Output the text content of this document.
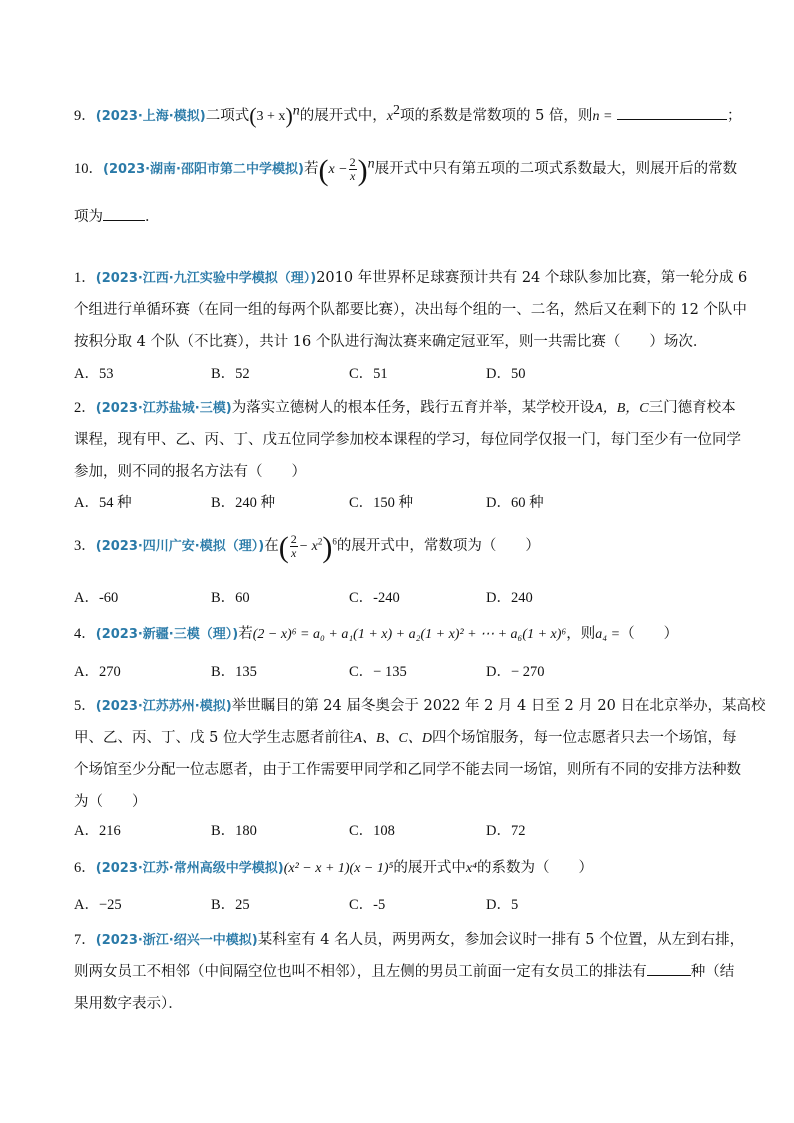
9．(2023·上海·模拟)二项式$(3 + x)^n$的展开式中，$x^2$项的系数是常数项的 5 倍，则n =	；
10．(2023·湖南·邵阳市第二中学模拟)若$(x - \frac{2}{x} )^n$展开式中只有第五项的二项式系数最大，则展开后的常数
项为	．
1．(2023·江西·九江实验中学模拟（理）)2010 年世界杯足球赛预计共有 24 个球队参加比赛，第一轮分成 6
个组进行单循环赛（在同一组的每两个队都要比赛），决出每个组的一、二名，然后又在剩下的 12 个队中
按积分取 4 个队（不比赛），共计 16 个队进行淘汰赛来确定冠亚军，则一共需比赛（　　）场次．
A．53	B．52	C．51	D．50
2．(2023·江苏盐城·三模)为落实立德树人的根本任务，践行五育并举，某学校开设A，B，C三门德育校本
课程，现有甲、乙、丙、丁、戊五位同学参加校本课程的学习，每位同学仅报一门，每门至少有一位同学
参加，则不同的报名方法有（　　）
A．54 种	B．240 种	C．150 种	D．60 种
3．(2023·四川广安·模拟（理）)在( $\frac{2}{x} - x^2)^6$的展开式中，常数项为（　　）
A．-60	B．60	C．-240	D．240
4．(2023·新疆·三模（理）)若(2 − x)⁶ = a₀ + a₁(1 + x) + a₂(1 + x)² + ⋯ + a₆(1 + x)⁶，则a₄ =（　　）
A．270	B．135	C．− 135	D．− 270
5．(2023·江苏苏州·模拟)举世瞩目的第 24 届冬奥会于 2022 年 2 月 4 日至 2 月 20 日在北京举办，某高校
甲、乙、丙、丁、戊 5 位大学生志愿者前往A、B、C、D四个场馆服务，每一位志愿者只去一个场馆，每
个场馆至少分配一位志愿者，由于工作需要甲同学和乙同学不能去同一场馆，则所有不同的安排方法种数
为（　　）
A．216	B．180	C．108	D．72
6．(2023·江苏·常州高级中学模拟)(x² − x + 1)(x − 1)⁵的展开式中x⁴的系数为（　　）
A．−25	B．25	C．-5	D．5
7．(2023·浙江·绍兴一中模拟)某科室有 4 名人员，两男两女，参加会议时一排有 5 个位置，从左到右排，
则两女员工不相邻（中间隔空位也叫不相邻），且左侧的男员工前面一定有女员工的排法有	种（结
果用数字表示）．
